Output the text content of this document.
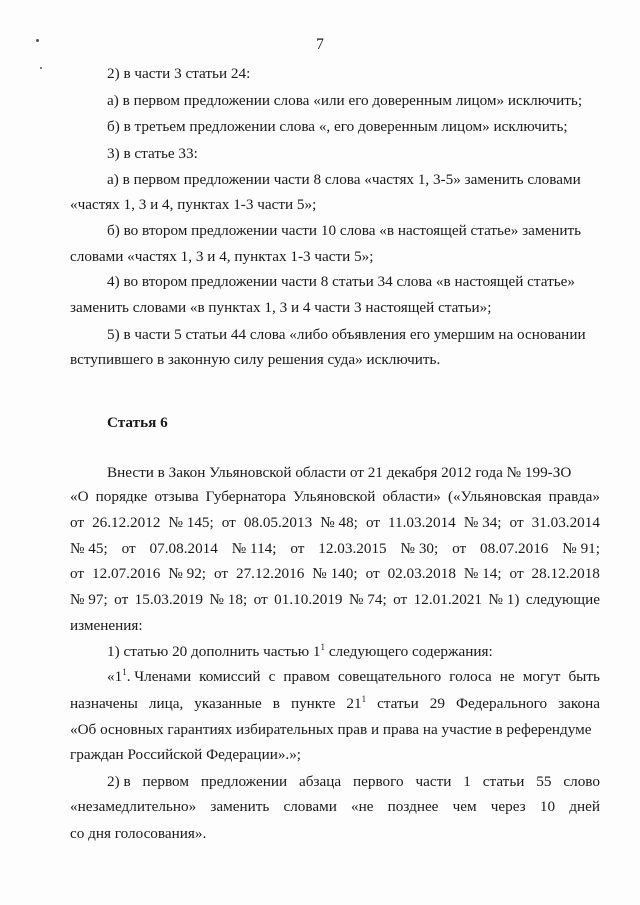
7
2) в части 3 статьи 24:
а) в первом предложении слова «или его доверенным лицом» исключить;
б) в третьем предложении слова «, его доверенным лицом» исключить;
3) в статье 33:
а) в первом предложении части 8 слова «частях 1, 3-5» заменить словами
«частях 1, 3 и 4, пунктах 1-3 части 5»;
б) во втором предложении части 10 слова «в настоящей статье» заменить
словами «частях 1, 3 и 4, пунктах 1-3 части 5»;
4) во втором предложении части 8 статьи 34 слова «в настоящей статье»
заменить словами «в пунктах 1, 3 и 4 части 3 настоящей статьи»;
5) в части 5 статьи 44 слова «либо объявления его умершим на основании
вступившего в законную силу решения суда» исключить.
Статья 6
Внести в Закон Ульяновской области от 21 декабря 2012 года № 199-ЗО
«О порядке отзыва Губернатора Ульяновской области» («Ульяновская правда»
от 26.12.2012 № 145; от 08.05.2013 № 48; от 11.03.2014 № 34; от 31.03.2014
№ 45; от 07.08.2014 № 114; от 12.03.2015 № 30; от 08.07.2016 № 91;
от 12.07.2016 № 92; от 27.12.2016 № 140; от 02.03.2018 № 14; от 28.12.2018
№ 97; от 15.03.2019 № 18; от 01.10.2019 № 74; от 12.01.2021 № 1) следующие
изменения:
1) статью 20 дополнить частью $1^1$ следующего содержания:
«$1^1$. Членами комиссий с правом совещательного голоса не могут быть
назначены лица, указанные в пункте $21^1$ статьи 29 Федерального закона
«Об основных гарантиях избирательных прав и права на участие в референдуме
граждан Российской Федерации».»;
2) в первом предложении абзаца первого части 1 статьи 55 слово
«незамедлительно» заменить словами «не позднее чем через 10 дней
со дня голосования».
